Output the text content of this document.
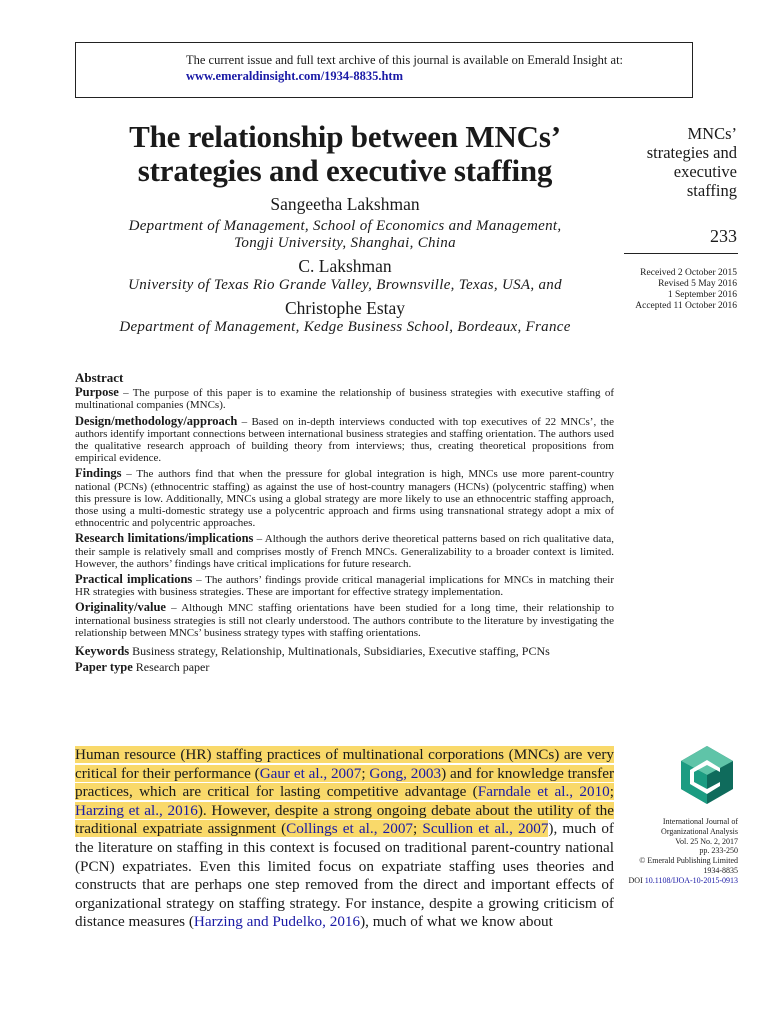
The current issue and full text archive of this journal is available on Emerald Insight at:
www.emeraldinsight.com/1934-8835.htm
The relationship between MNCs’
strategies and executive staffing
Sangeetha Lakshman
Department of Management, School of Economics and Management,
Tongji University, Shanghai, China
C. Lakshman
University of Texas Rio Grande Valley, Brownsville, Texas, USA, and
Christophe Estay
Department of Management, Kedge Business School, Bordeaux, France
MNCs’
strategies and
executive
staffing
233
Received 2 October 2015
Revised 5 May 2016
1 September 2016
Accepted 11 October 2016
Abstract

Purpose – The purpose of this paper is to examine the relationship of business strategies with executive staffing of multinational companies (MNCs).

Design/methodology/approach – Based on in-depth interviews conducted with top executives of 22 MNCs’, the authors identify important connections between international business strategies and staffing orientation. The authors used the qualitative research approach of building theory from interviews; thus, creating theoretical propositions from empirical evidence.

Findings – The authors find that when the pressure for global integration is high, MNCs use more parent-country national (PCNs) (ethnocentric staffing) as against the use of host-country managers (HCNs) (polycentric staffing) when this pressure is low. Additionally, MNCs using a global strategy are more likely to use an ethnocentric staffing approach, those using a multi-domestic strategy use a polycentric approach and firms using transnational strategy adopt a mix of ethnocentric and polycentric approaches.

Research limitations/implications – Although the authors derive theoretical patterns based on rich qualitative data, their sample is relatively small and comprises mostly of French MNCs. Generalizability to a broader context is limited. However, the authors’ findings have critical implications for future research.

Practical implications – The authors’ findings provide critical managerial implications for MNCs in matching their HR strategies with business strategies. These are important for effective strategy implementation.

Originality/value – Although MNC staffing orientations have been studied for a long time, their relationship to international business strategies is still not clearly understood. The authors contribute to the literature by investigating the relationship between MNCs’ business strategy types with staffing orientations.

Keywords Business strategy, Relationship, Multinationals, Subsidiaries, Executive staffing, PCNs

Paper type Research paper

Human resource (HR) staffing practices of multinational corporations (MNCs) are very critical for their performance (Gaur et al., 2007; Gong, 2003) and for knowledge transfer practices, which are critical for lasting competitive advantage (Farndale et al., 2010; Harzing et al., 2016). However, despite a strong ongoing debate about the utility of the traditional expatriate assignment (Collings et al., 2007; Scullion et al., 2007), much of the literature on staffing in this context is focused on traditional parent-country national (PCN) expatriates. Even this limited focus on expatriate staffing uses theories and constructs that are perhaps one step removed from the direct and important effects of organizational strategy on staffing strategy. For instance, despite a growing criticism of distance measures (Harzing and Pudelko, 2016), much of what we know about
International Journal of
Organizational Analysis
Vol. 25 No. 2, 2017
pp. 233-250
© Emerald Publishing Limited
1934-8835
DOI 10.1108/IJOA-10-2015-0913
